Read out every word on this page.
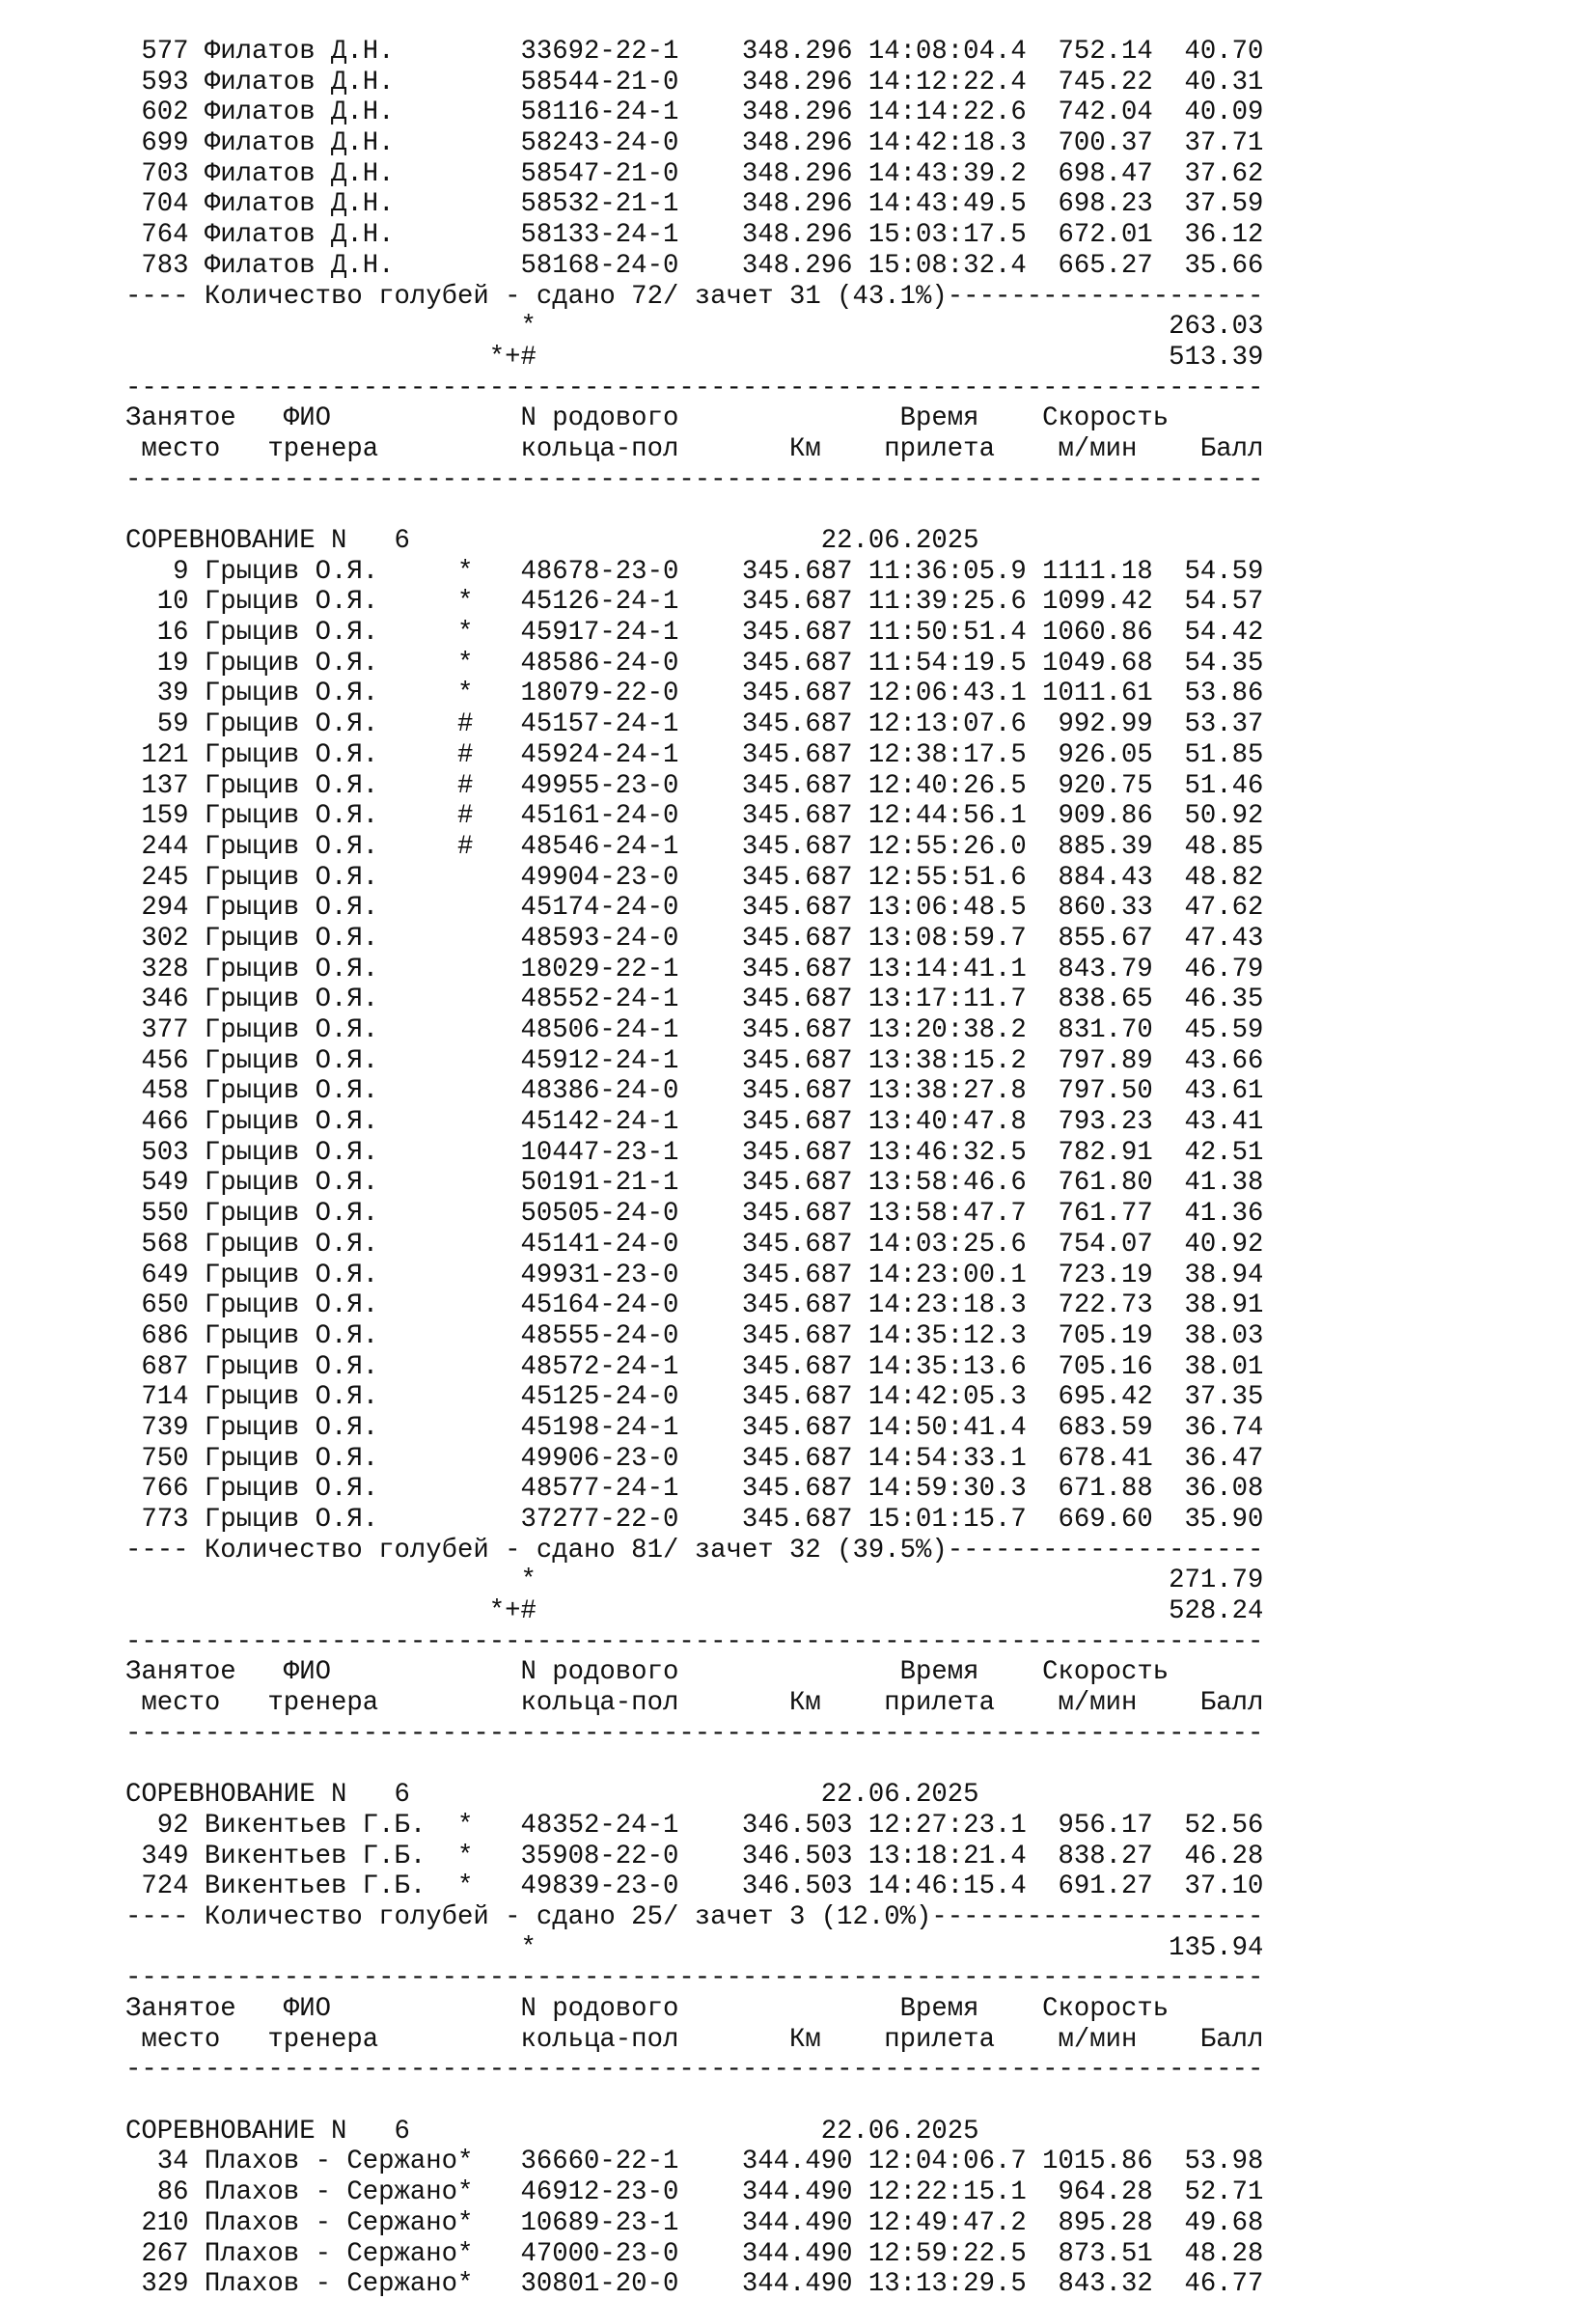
577 Филатов Д.Н.        33692-22-1    348.296 14:08:04.4  752.14  40.70
593 Филатов Д.Н.        58544-21-0    348.296 14:12:22.4  745.22  40.31
602 Филатов Д.Н.        58116-24-1    348.296 14:14:22.6  742.04  40.09
699 Филатов Д.Н.        58243-24-0    348.296 14:42:18.3  700.37  37.71
703 Филатов Д.Н.        58547-21-0    348.296 14:43:39.2  698.47  37.62
704 Филатов Д.Н.        58532-21-1    348.296 14:43:49.5  698.23  37.59
764 Филатов Д.Н.        58133-24-1    348.296 15:03:17.5  672.01  36.12
783 Филатов Д.Н.        58168-24-0    348.296 15:08:32.4  665.27  35.66
---- Количество голубей - сдано 72/ зачет 31 (43.1%)--------------------
*                                        263.03
*+#                                        513.39
------------------------------------------------------------------------
Занятое   ФИО            N родового              Время    Скорость
место   тренера         кольца-пол       Км    прилета    м/мин    Балл
------------------------------------------------------------------------
СОРЕВНОВАНИЕ N   6                          22.06.2025
9 Грыцив О.Я.     *   48678-23-0    345.687 11:36:05.9 1111.18  54.59
10 Грыцив О.Я.     *   45126-24-1    345.687 11:39:25.6 1099.42  54.57
16 Грыцив О.Я.     *   45917-24-1    345.687 11:50:51.4 1060.86  54.42
19 Грыцив О.Я.     *   48586-24-0    345.687 11:54:19.5 1049.68  54.35
39 Грыцив О.Я.     *   18079-22-0    345.687 12:06:43.1 1011.61  53.86
59 Грыцив О.Я.     #   45157-24-1    345.687 12:13:07.6  992.99  53.37
121 Грыцив О.Я.     #   45924-24-1    345.687 12:38:17.5  926.05  51.85
137 Грыцив О.Я.     #   49955-23-0    345.687 12:40:26.5  920.75  51.46
159 Грыцив О.Я.     #   45161-24-0    345.687 12:44:56.1  909.86  50.92
244 Грыцив О.Я.     #   48546-24-1    345.687 12:55:26.0  885.39  48.85
245 Грыцив О.Я.         49904-23-0    345.687 12:55:51.6  884.43  48.82
294 Грыцив О.Я.         45174-24-0    345.687 13:06:48.5  860.33  47.62
302 Грыцив О.Я.         48593-24-0    345.687 13:08:59.7  855.67  47.43
328 Грыцив О.Я.         18029-22-1    345.687 13:14:41.1  843.79  46.79
346 Грыцив О.Я.         48552-24-1    345.687 13:17:11.7  838.65  46.35
377 Грыцив О.Я.         48506-24-1    345.687 13:20:38.2  831.70  45.59
456 Грыцив О.Я.         45912-24-1    345.687 13:38:15.2  797.89  43.66
458 Грыцив О.Я.         48386-24-0    345.687 13:38:27.8  797.50  43.61
466 Грыцив О.Я.         45142-24-1    345.687 13:40:47.8  793.23  43.41
503 Грыцив О.Я.         10447-23-1    345.687 13:46:32.5  782.91  42.51
549 Грыцив О.Я.         50191-21-1    345.687 13:58:46.6  761.80  41.38
550 Грыцив О.Я.         50505-24-0    345.687 13:58:47.7  761.77  41.36
568 Грыцив О.Я.         45141-24-0    345.687 14:03:25.6  754.07  40.92
649 Грыцив О.Я.         49931-23-0    345.687 14:23:00.1  723.19  38.94
650 Грыцив О.Я.         45164-24-0    345.687 14:23:18.3  722.73  38.91
686 Грыцив О.Я.         48555-24-0    345.687 14:35:12.3  705.19  38.03
687 Грыцив О.Я.         48572-24-1    345.687 14:35:13.6  705.16  38.01
714 Грыцив О.Я.         45125-24-0    345.687 14:42:05.3  695.42  37.35
739 Грыцив О.Я.         45198-24-1    345.687 14:50:41.4  683.59  36.74
750 Грыцив О.Я.         49906-23-0    345.687 14:54:33.1  678.41  36.47
766 Грыцив О.Я.         48577-24-1    345.687 14:59:30.3  671.88  36.08
773 Грыцив О.Я.         37277-22-0    345.687 15:01:15.7  669.60  35.90
---- Количество голубей - сдано 81/ зачет 32 (39.5%)--------------------
*                                        271.79
*+#                                        528.24
------------------------------------------------------------------------
Занятое   ФИО            N родового              Время    Скорость
место   тренера         кольца-пол       Км    прилета    м/мин    Балл
------------------------------------------------------------------------
СОРЕВНОВАНИЕ N   6                          22.06.2025
92 Викентьев Г.Б.  *   48352-24-1    346.503 12:27:23.1  956.17  52.56
349 Викентьев Г.Б.  *   35908-22-0    346.503 13:18:21.4  838.27  46.28
724 Викентьев Г.Б.  *   49839-23-0    346.503 14:46:15.4  691.27  37.10
---- Количество голубей - сдано 25/ зачет 3 (12.0%)---------------------
*                                        135.94
------------------------------------------------------------------------
Занятое   ФИО            N родового              Время    Скорость
место   тренера         кольца-пол       Км    прилета    м/мин    Балл
------------------------------------------------------------------------
СОРЕВНОВАНИЕ N   6                          22.06.2025
34 Плахов - Сержано*   36660-22-1    344.490 12:04:06.7 1015.86  53.98
86 Плахов - Сержано*   46912-23-0    344.490 12:22:15.1  964.28  52.71
210 Плахов - Сержано*   10689-23-1    344.490 12:49:47.2  895.28  49.68
267 Плахов - Сержано*   47000-23-0    344.490 12:59:22.5  873.51  48.28
329 Плахов - Сержано*   30801-20-0    344.490 13:13:29.5  843.32  46.77
